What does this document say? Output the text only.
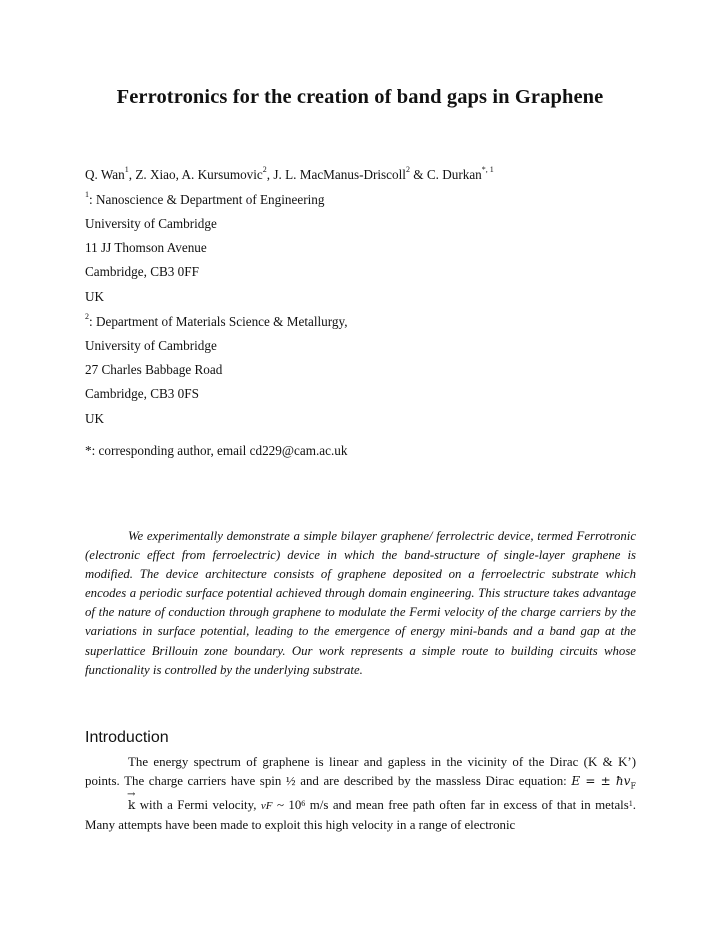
Ferrotronics for the creation of band gaps in Graphene
Q. Wan$^1$, Z. Xiao, A. Kursumovic$^2$, J. L. MacManus-Driscoll$^2$ & C. Durkan$^{*, 1}$
$^1$: Nanoscience & Department of Engineering
University of Cambridge
11 JJ Thomson Avenue
Cambridge, CB3 0FF
UK
$^2$: Department of Materials Science & Metallurgy,
University of Cambridge
27 Charles Babbage Road
Cambridge, CB3 0FS
UK
*: corresponding author, email cd229@cam.ac.uk

We experimentally demonstrate a simple bilayer graphene/ ferrolectric device, termed Ferrotronic (electronic effect from ferroelectric) device in which the band-structure of single-layer graphene is modified. The device architecture consists of graphene deposited on a ferroelectric substrate which encodes a periodic surface potential achieved through domain engineering. This structure takes advantage of the nature of conduction through graphene to modulate the Fermi velocity of the charge carriers by the variations in surface potential, leading to the emergence of energy mini-bands and a band gap at the superlattice Brillouin zone boundary. Our work represents a simple route to building circuits whose functionality is controlled by the underlying substrate.

Introduction

The energy spectrum of graphene is linear and gapless in the vicinity of the Dirac (K & K’) points. The charge carriers have spin ½ and are described by the massless Dirac equation: E = ± $ħv_F \to k$ with a Fermi velocity, vF ~ $10^6$ m/s and mean free path often far in excess of that in metals$^1$. Many attempts have been made to exploit this high velocity in a range of electronic
